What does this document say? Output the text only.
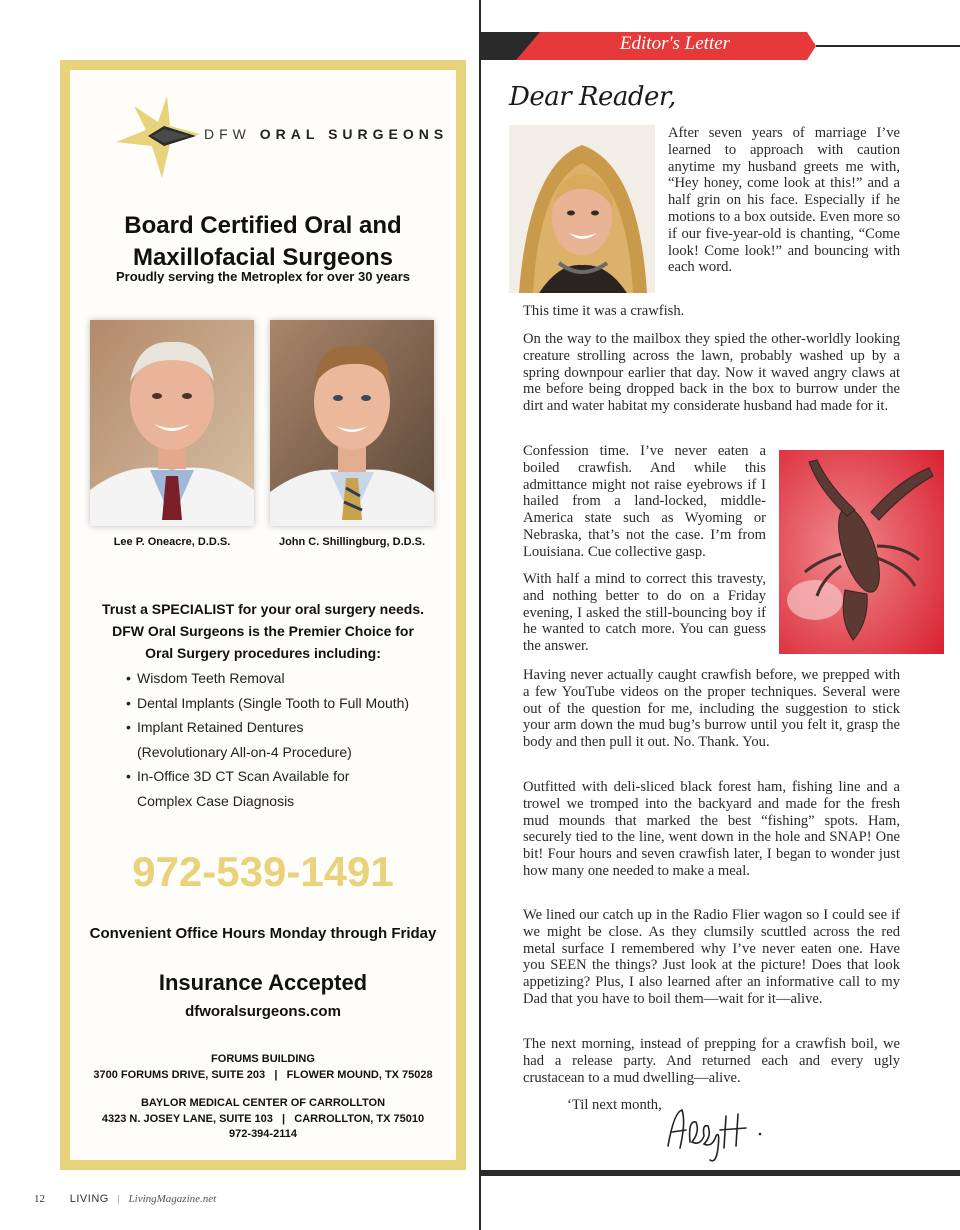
DFW ORAL SURGEONS
Board Certified Oral and
Maxillofacial Surgeons
Proudly serving the Metroplex for over 30 years
Lee P. Oneacre, D.D.S.	John C. Shillingburg, D.D.S.
Trust a SPECIALIST for your oral surgery needs.
DFW Oral Surgeons is the Premier Choice for
Oral Surgery procedures including:
• Wisdom Teeth Removal
• Dental Implants (Single Tooth to Full Mouth)
• Implant Retained Dentures
(Revolutionary All-on-4 Procedure)
• In-Office 3D CT Scan Available for
Complex Case Diagnosis
972-539-1491
Convenient Office Hours Monday through Friday
Insurance Accepted
dfworalsurgeons.com
FORUMS BUILDING
3700 FORUMS DRIVE, SUITE 203 | FLOWER MOUND, TX 75028
BAYLOR MEDICAL CENTER OF CARROLLTON
4323 N. JOSEY LANE, SUITE 103 | CARROLLTON, TX 75010
972-394-2114
Editor's Letter
Dear Reader,

After seven years of marriage I’ve learned to approach with caution anytime my husband greets me with, “Hey honey, come look at this!” and a half grin on his face. Especially if he motions to a box outside. Even more so if our five-year-old is chanting, “Come look! Come look!” and bouncing with each word.

This time it was a crawfish.

On the way to the mailbox they spied the other-worldly looking creature strolling across the lawn, probably washed up by a spring downpour earlier that day. Now it waved angry claws at me before being dropped back in the box to burrow under the dirt and water habitat my considerate husband had made for it.

Confession time. I’ve never eaten a boiled crawfish. And while this admittance might not raise eyebrows if I hailed from a land-locked, middle-America state such as Wyoming or Nebraska, that’s not the case. I’m from Louisiana. Cue collective gasp.

With half a mind to correct this travesty, and nothing better to do on a Friday evening, I asked the still-bouncing boy if he wanted to catch more. You can guess the answer.

Having never actually caught crawfish before, we prepped with a few YouTube videos on the proper techniques. Several were out of the question for me, including the suggestion to stick your arm down the mud bug’s burrow until you felt it, grasp the body and then pull it out. No. Thank. You.

Outfitted with deli-sliced black forest ham, fishing line and a trowel we tromped into the backyard and made for the fresh mud mounds that marked the best “fishing” spots. Ham, securely tied to the line, went down in the hole and SNAP! One bit! Four hours and seven crawfish later, I began to wonder just how many one needed to make a meal.

We lined our catch up in the Radio Flier wagon so I could see if we might be close. As they clumsily scuttled across the red metal surface I remembered why I’ve never eaten one. Have you SEEN the things? Just look at the picture! Does that look appetizing? Plus, I also learned after an informative call to my Dad that you have to boil them—wait for it—alive.

The next morning, instead of prepping for a crawfish boil, we had a release party. And returned each and every ugly crustacean to a mud dwelling—alive.

‘Til next month,
12 LIVING | LivingMagazine.net
